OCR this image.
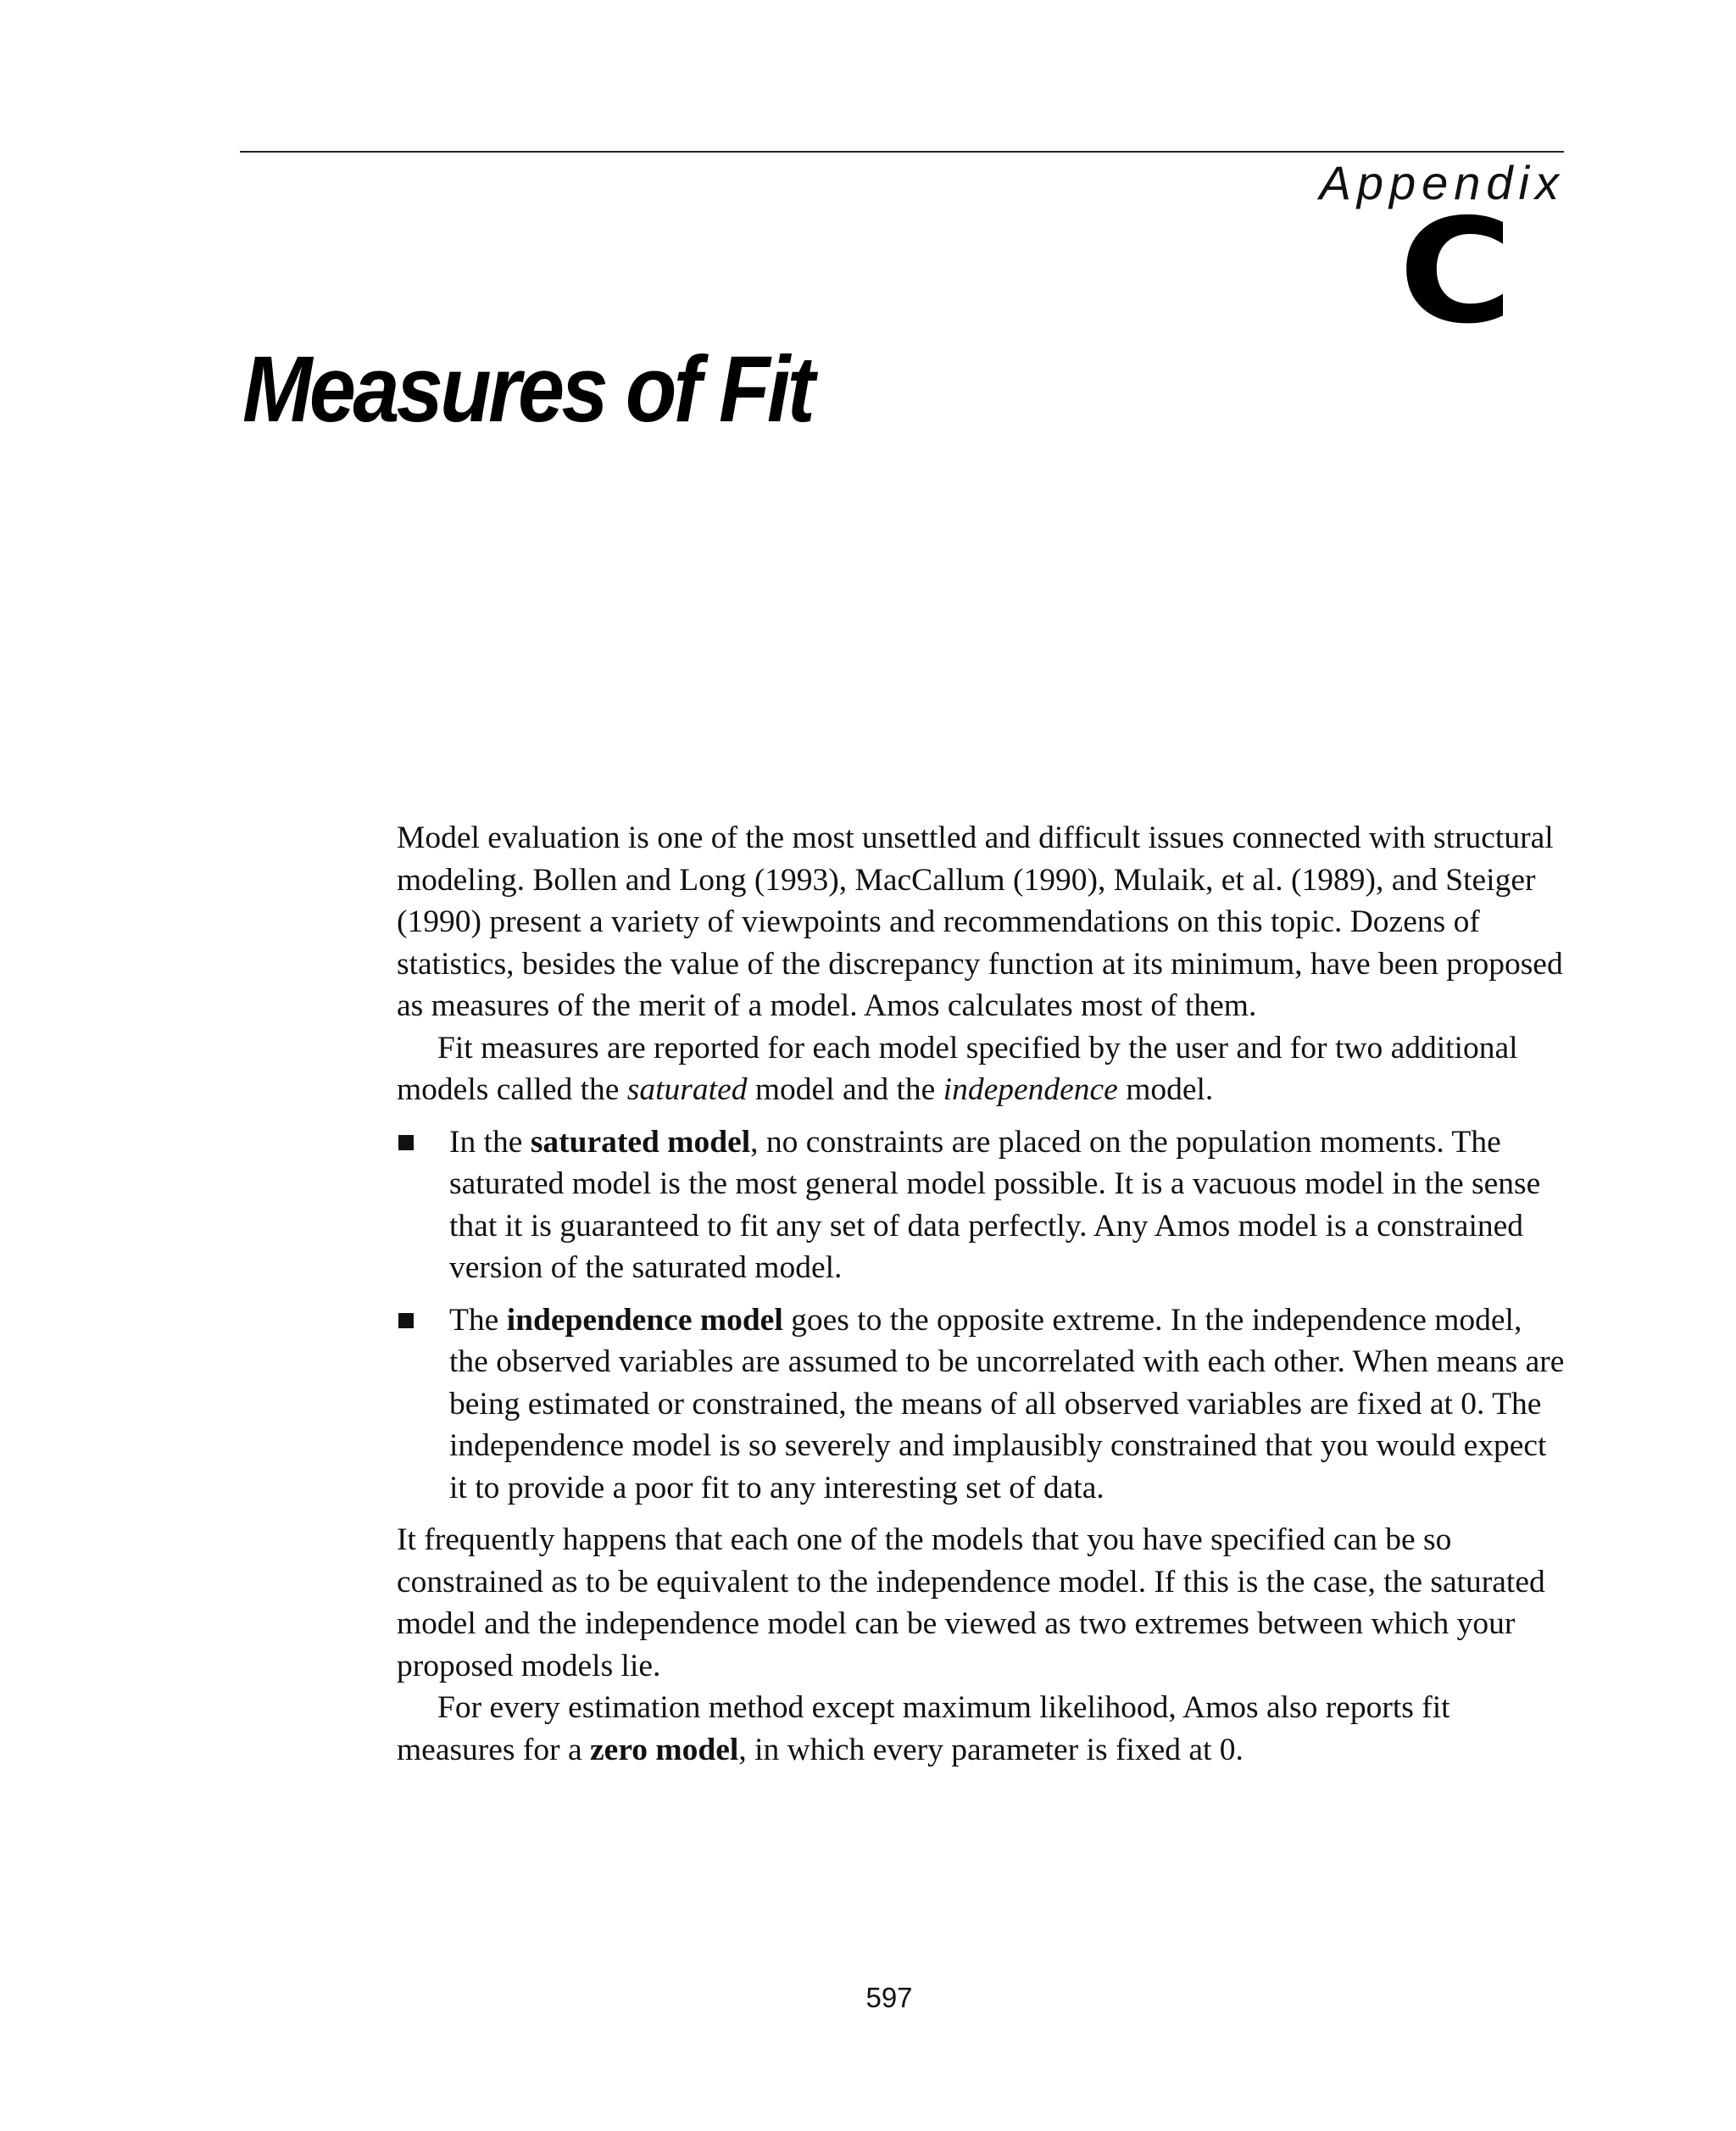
Appendix
C
Measures of Fit

Model evaluation is one of the most unsettled and difficult issues connected with structural modeling. Bollen and Long (1993), MacCallum (1990), Mulaik, et al. (1989), and Steiger (1990) present a variety of viewpoints and recommendations on this topic. Dozens of statistics, besides the value of the discrepancy function at its minimum, have been proposed as measures of the merit of a model. Amos calculates most of them.

Fit measures are reported for each model specified by the user and for two additional models called the saturated model and the independence model.

In the saturated model, no constraints are placed on the population moments. The saturated model is the most general model possible. It is a vacuous model in the sense that it is guaranteed to fit any set of data perfectly. Any Amos model is a constrained version of the saturated model.
The independence model goes to the opposite extreme. In the independence model, the observed variables are assumed to be uncorrelated with each other. When means are being estimated or constrained, the means of all observed variables are fixed at 0. The independence model is so severely and implausibly constrained that you would expect it to provide a poor fit to any interesting set of data.

It frequently happens that each one of the models that you have specified can be so constrained as to be equivalent to the independence model. If this is the case, the saturated model and the independence model can be viewed as two extremes between which your proposed models lie.

For every estimation method except maximum likelihood, Amos also reports fit measures for a zero model, in which every parameter is fixed at 0.

597
